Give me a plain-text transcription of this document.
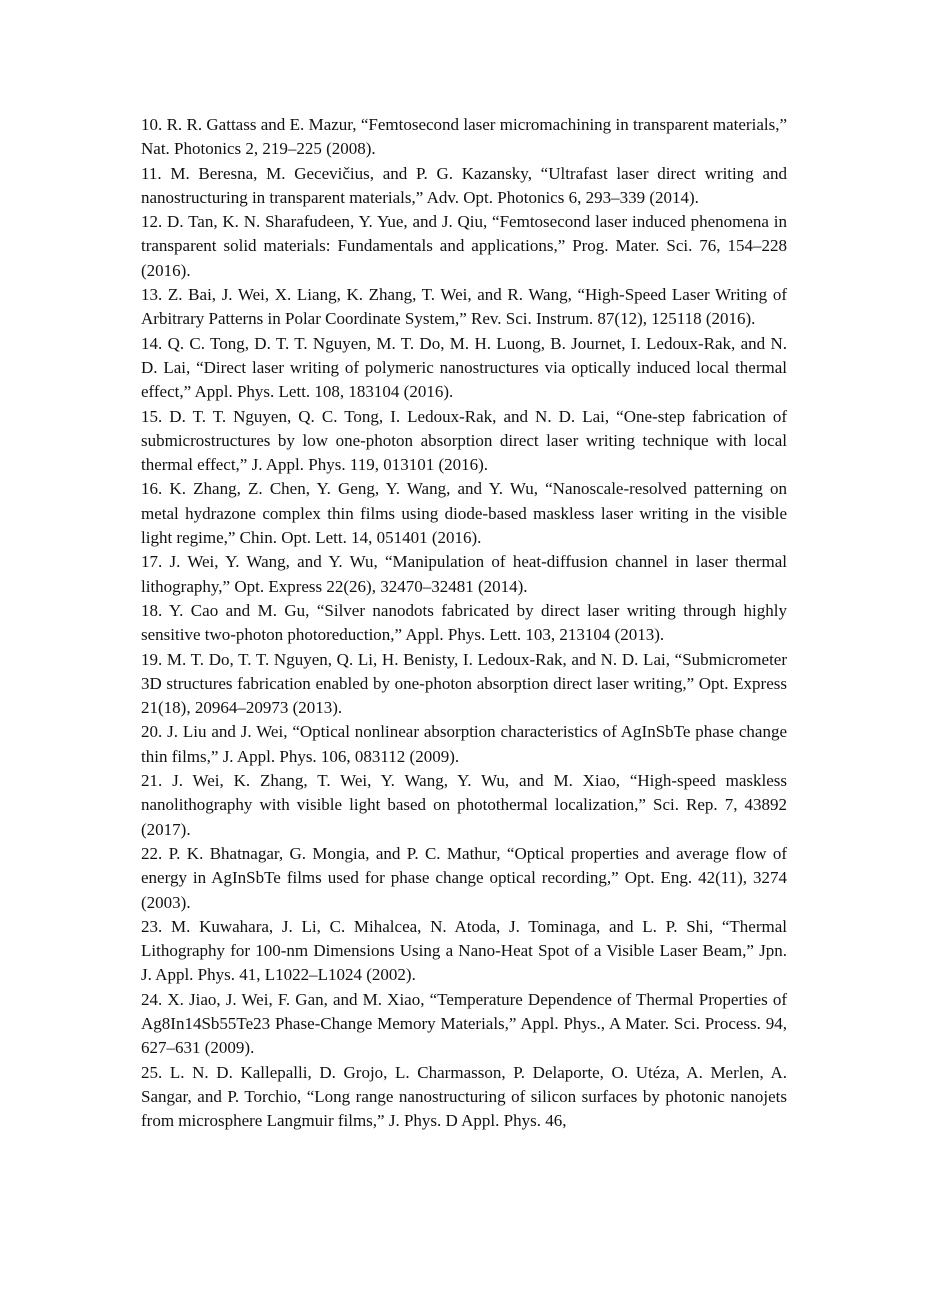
10. R. R. Gattass and E. Mazur, “Femtosecond laser micromachining in transparent materials,” Nat. Photonics 2, 219–225 (2008).

11. M. Beresna, M. Gecevičius, and P. G. Kazansky, “Ultrafast laser direct writing and nanostructuring in transparent materials,” Adv. Opt. Photonics 6, 293–339 (2014).

12. D. Tan, K. N. Sharafudeen, Y. Yue, and J. Qiu, “Femtosecond laser induced phenomena in transparent solid materials: Fundamentals and applications,” Prog. Mater. Sci. 76, 154–228 (2016).

13. Z. Bai, J. Wei, X. Liang, K. Zhang, T. Wei, and R. Wang, “High-Speed Laser Writing of Arbitrary Patterns in Polar Coordinate System,” Rev. Sci. Instrum. 87(12), 125118 (2016).

14. Q. C. Tong, D. T. T. Nguyen, M. T. Do, M. H. Luong, B. Journet, I. Ledoux-Rak, and N. D. Lai, “Direct laser writing of polymeric nanostructures via optically induced local thermal effect,” Appl. Phys. Lett. 108, 183104 (2016).

15. D. T. T. Nguyen, Q. C. Tong, I. Ledoux-Rak, and N. D. Lai, “One-step fabrication of submicrostructures by low one-photon absorption direct laser writing technique with local thermal effect,” J. Appl. Phys. 119, 013101 (2016).

16. K. Zhang, Z. Chen, Y. Geng, Y. Wang, and Y. Wu, “Nanoscale-resolved patterning on metal hydrazone complex thin films using diode-based maskless laser writing in the visible light regime,” Chin. Opt. Lett. 14, 051401 (2016).

17. J. Wei, Y. Wang, and Y. Wu, “Manipulation of heat-diffusion channel in laser thermal lithography,” Opt. Express 22(26), 32470–32481 (2014).

18. Y. Cao and M. Gu, “Silver nanodots fabricated by direct laser writing through highly sensitive two-photon photoreduction,” Appl. Phys. Lett. 103, 213104 (2013).

19. M. T. Do, T. T. Nguyen, Q. Li, H. Benisty, I. Ledoux-Rak, and N. D. Lai, “Submicrometer 3D structures fabrication enabled by one-photon absorption direct laser writing,” Opt. Express 21(18), 20964–20973 (2013).

20. J. Liu and J. Wei, “Optical nonlinear absorption characteristics of AgInSbTe phase change thin films,” J. Appl. Phys. 106, 083112 (2009).

21. J. Wei, K. Zhang, T. Wei, Y. Wang, Y. Wu, and M. Xiao, “High-speed maskless nanolithography with visible light based on photothermal localization,” Sci. Rep. 7, 43892 (2017).

22. P. K. Bhatnagar, G. Mongia, and P. C. Mathur, “Optical properties and average flow of energy in AgInSbTe films used for phase change optical recording,” Opt. Eng. 42(11), 3274 (2003).

23. M. Kuwahara, J. Li, C. Mihalcea, N. Atoda, J. Tominaga, and L. P. Shi, “Thermal Lithography for 100-nm Dimensions Using a Nano-Heat Spot of a Visible Laser Beam,” Jpn. J. Appl. Phys. 41, L1022–L1024 (2002).

24. X. Jiao, J. Wei, F. Gan, and M. Xiao, “Temperature Dependence of Thermal Properties of Ag8In14Sb55Te23 Phase-Change Memory Materials,” Appl. Phys., A Mater. Sci. Process. 94, 627–631 (2009).

25. L. N. D. Kallepalli, D. Grojo, L. Charmasson, P. Delaporte, O. Utéza, A. Merlen, A. Sangar, and P. Torchio, “Long range nanostructuring of silicon surfaces by photonic nanojets from microsphere Langmuir films,” J. Phys. D Appl. Phys. 46,
